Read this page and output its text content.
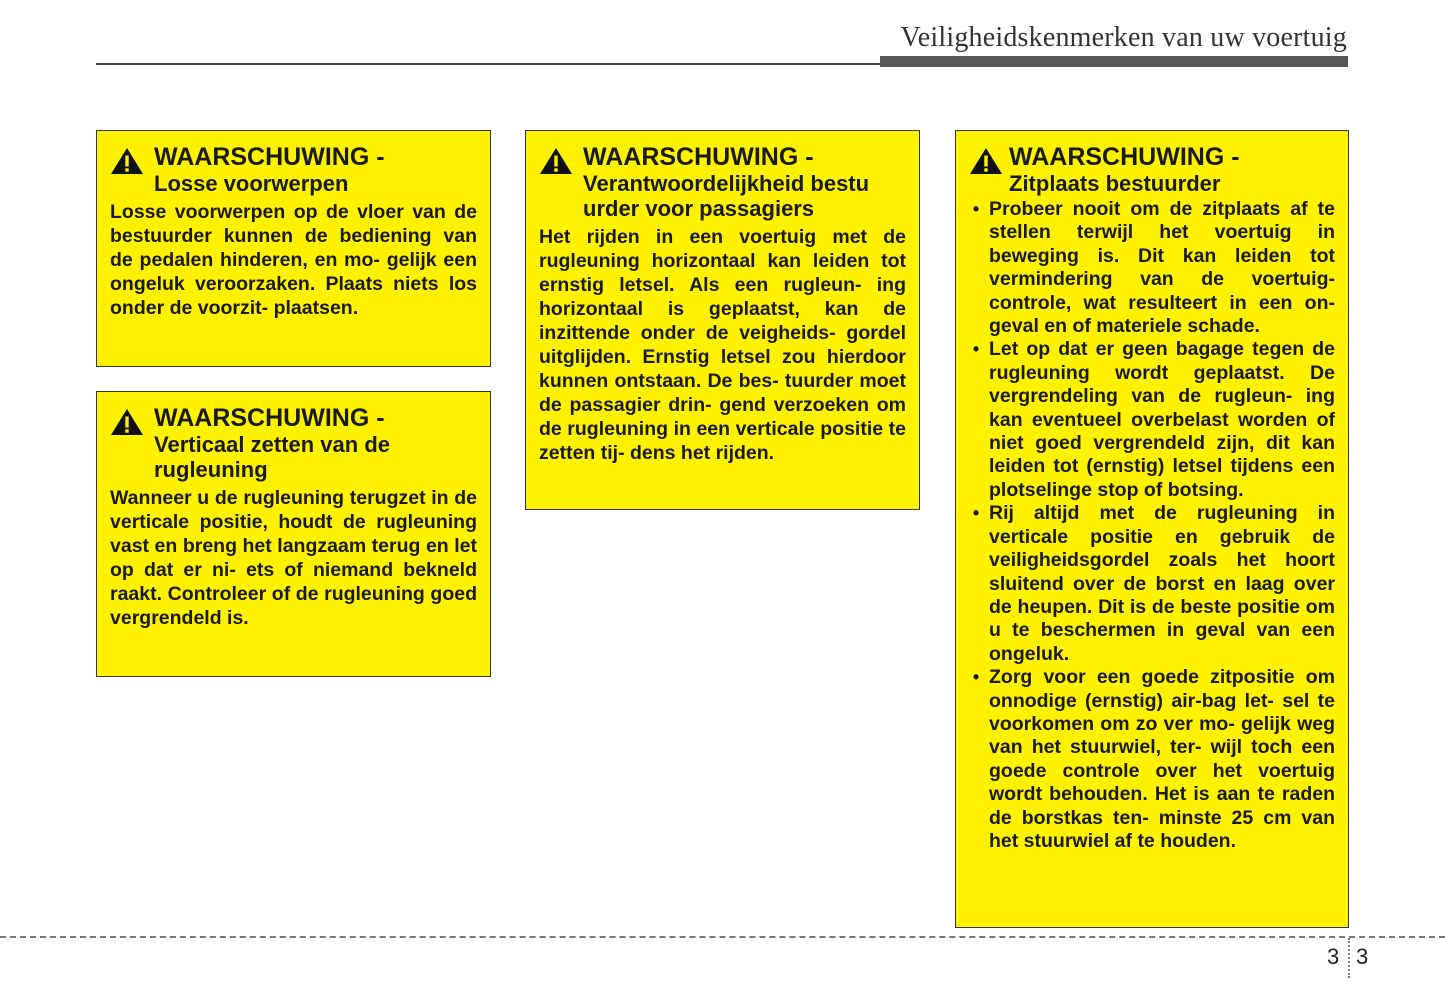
Veiligheidskenmerken van uw voertuig
WAARSCHUWING -
Losse voorwerpen
Losse voorwerpen op de vloer van de bestuurder kunnen de bediening van de pedalen hinderen, en mo- gelijk een ongeluk veroorzaken. Plaats niets los onder de voorzit- plaatsen.
WAARSCHUWING -
Verticaal zetten van de rugleuning
Wanneer u de rugleuning terugzet in de verticale positie, houdt de rugleuning vast en breng het langzaam terug en let op dat er ni- ets of niemand bekneld raakt. Controleer of de rugleuning goed vergrendeld is.
WAARSCHUWING -
Verantwoordelijkheid bestu urder voor passagiers
Het rijden in een voertuig met de rugleuning horizontaal kan leiden tot ernstig letsel. Als een rugleun- ing horizontaal is geplaatst, kan de inzittende onder de veigheids- gordel uitglijden. Ernstig letsel zou hierdoor kunnen ontstaan. De bes- tuurder moet de passagier drin- gend verzoeken om de rugleuning in een verticale positie te zetten tij- dens het rijden.
WAARSCHUWING -
Zitplaats bestuurder
• Probeer nooit om de zitplaats af te stellen terwijl het voertuig in beweging is. Dit kan leiden tot vermindering van de voertuig- controle, wat resulteert in een on- geval en of materiele schade.
• Let op dat er geen bagage tegen de rugleuning wordt geplaatst. De vergrendeling van de rugleun- ing kan eventueel overbelast worden of niet goed vergrendeld zijn, dit kan leiden tot (ernstig) letsel tijdens een plotselinge stop of botsing.
• Rij altijd met de rugleuning in verticale positie en gebruik de veiligheidsgordel zoals het hoort sluitend over de borst en laag over de heupen. Dit is de beste positie om u te beschermen in geval van een ongeluk.
• Zorg voor een goede zitpositie om onnodige (ernstig) air-bag let- sel te voorkomen om zo ver mo- gelijk weg van het stuurwiel, ter- wijl toch een goede controle over het voertuig wordt behouden. Het is aan te raden de borstkas ten- minste 25 cm van het stuurwiel af te houden.
3 3
